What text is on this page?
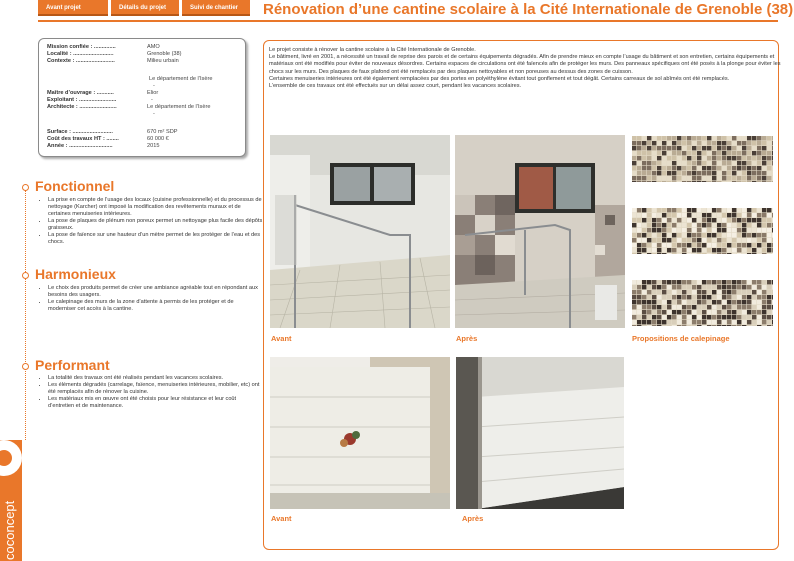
Avant projet	Détails du projet	Suivi de chantier	Rénovation d’une cantine scolaire à la Cité Internationale de Grenoble (38)
Mission confiée : ..............	AMO
Localité : ..........................	Grenoble (38)
Contexte : .........................	Milieu urbain
Le département de l’Isère
-
Maître d’ouvrage : ...........	Elior
Exploitant : ........................	-
Architecte : ........................	Le département de l’Isère
-
Surface : ..........................	670 m² SDP
Coût des travaux HT : ........	60 000 €
Année : ............................	2015
Fonctionnel
• La prise en compte de l’usage des locaux (cuisine professionnelle) et du processus de nettoyage (Karcher) ont imposé la modification des revêtements muraux et de certaines menuiseries intérieures.
• La pose de plaques de plénum non poreux permet un nettoyage plus facile des dépôts graisseux.
• La pose de faïence sur une hauteur d’un mètre permet de les protéger de l’eau et des chocs.
Harmonieux
• Le choix des produits permet de créer une ambiance agréable tout en répondant aux besoins des usagers.
• Le calepinage des murs de la zone d’attente à permis de les protéger et de moderniser cet accès à la cantine.
Performant
• La totalité des travaux ont été réalisés pendant les vacances scolaires.
• Les éléments dégradés (carrelage, faïence, menuiseries intérieures, mobilier, etc) ont été remplacés afin de rénover la cuisine.
• Les matériaux mis en œuvre ont été choisis pour leur résistance et leur coût d’entretien et de maintenance.
coconcept
Le projet consiste à rénover la cantine scolaire à la Cité Internationale de Grenoble.
Le bâtiment, livré en 2001, a nécessité un travail de reprise des parois et de certains équipements dégradés. Afin de prendre mieux en compte l’usage du bâtiment et son entretien, certains équipements et matériaux ont été modifiés pour éviter de nouveaux désordres. Certains espaces de circulations ont été faïencés afin de protéger les murs. Des panneaux spécifiques ont été posés à la plonge pour éviter les chocs sur les murs. Des plaques de faux plafond ont été remplacés par des plaques nettoyables et non poreuses au dessus des zones de cuisson.
Certaines menuiseries intérieures ont été également remplacées par des portes en polyéthylène évitant tout gonflement et tout dégât. Certains carreaux de sol abîmés ont été remplacés.
L’ensemble de ces travaux ont été effectués sur un délai assez court, pendant les vacances scolaires.
Avant	Après	Propositions de calepinage
Avant	Après
